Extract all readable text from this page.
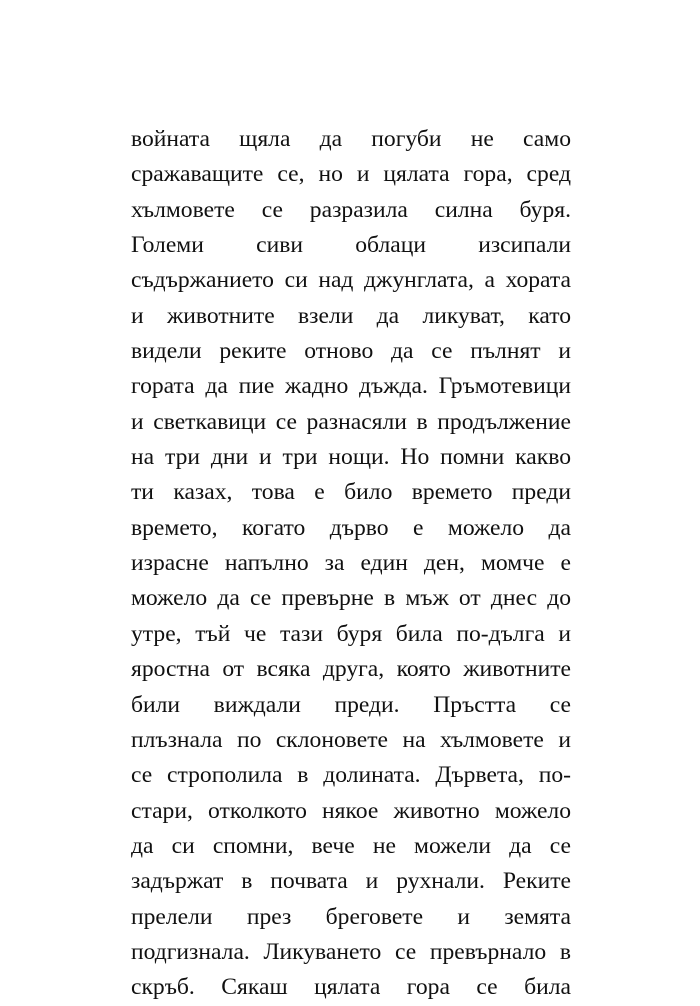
войната щяла да погуби не само
сражаващите се, но и цялата гора, сред
хълмовете се разразила силна буря.
Големи сиви облаци изсипали
съдържанието си над джунглата, а хората
и животните взели да ликуват, като
видели реките отново да се пълнят и
гората да пие жадно дъжда. Гръмотевици
и светкавици се разнасяли в продължение
на три дни и три нощи. Но помни какво
ти казах, това е било времето преди
времето, когато дърво е можело да
израсне напълно за един ден, момче е
можело да се превърне в мъж от днес до
утре, тъй че тази буря била по-дълга и
яростна от всяка друга, която животните
били виждали преди. Пръстта се
плъзнала по склоновете на хълмовете и
се строполила в долината. Дървета, по-
стари, отколкото някое животно можело
да си спомни, вече не можели да се
задържат в почвата и рухнали. Реките
прелели през бреговете и земята
подгизнала. Ликуването се превърнало в
скръб. Сякаш цялата гора се била
